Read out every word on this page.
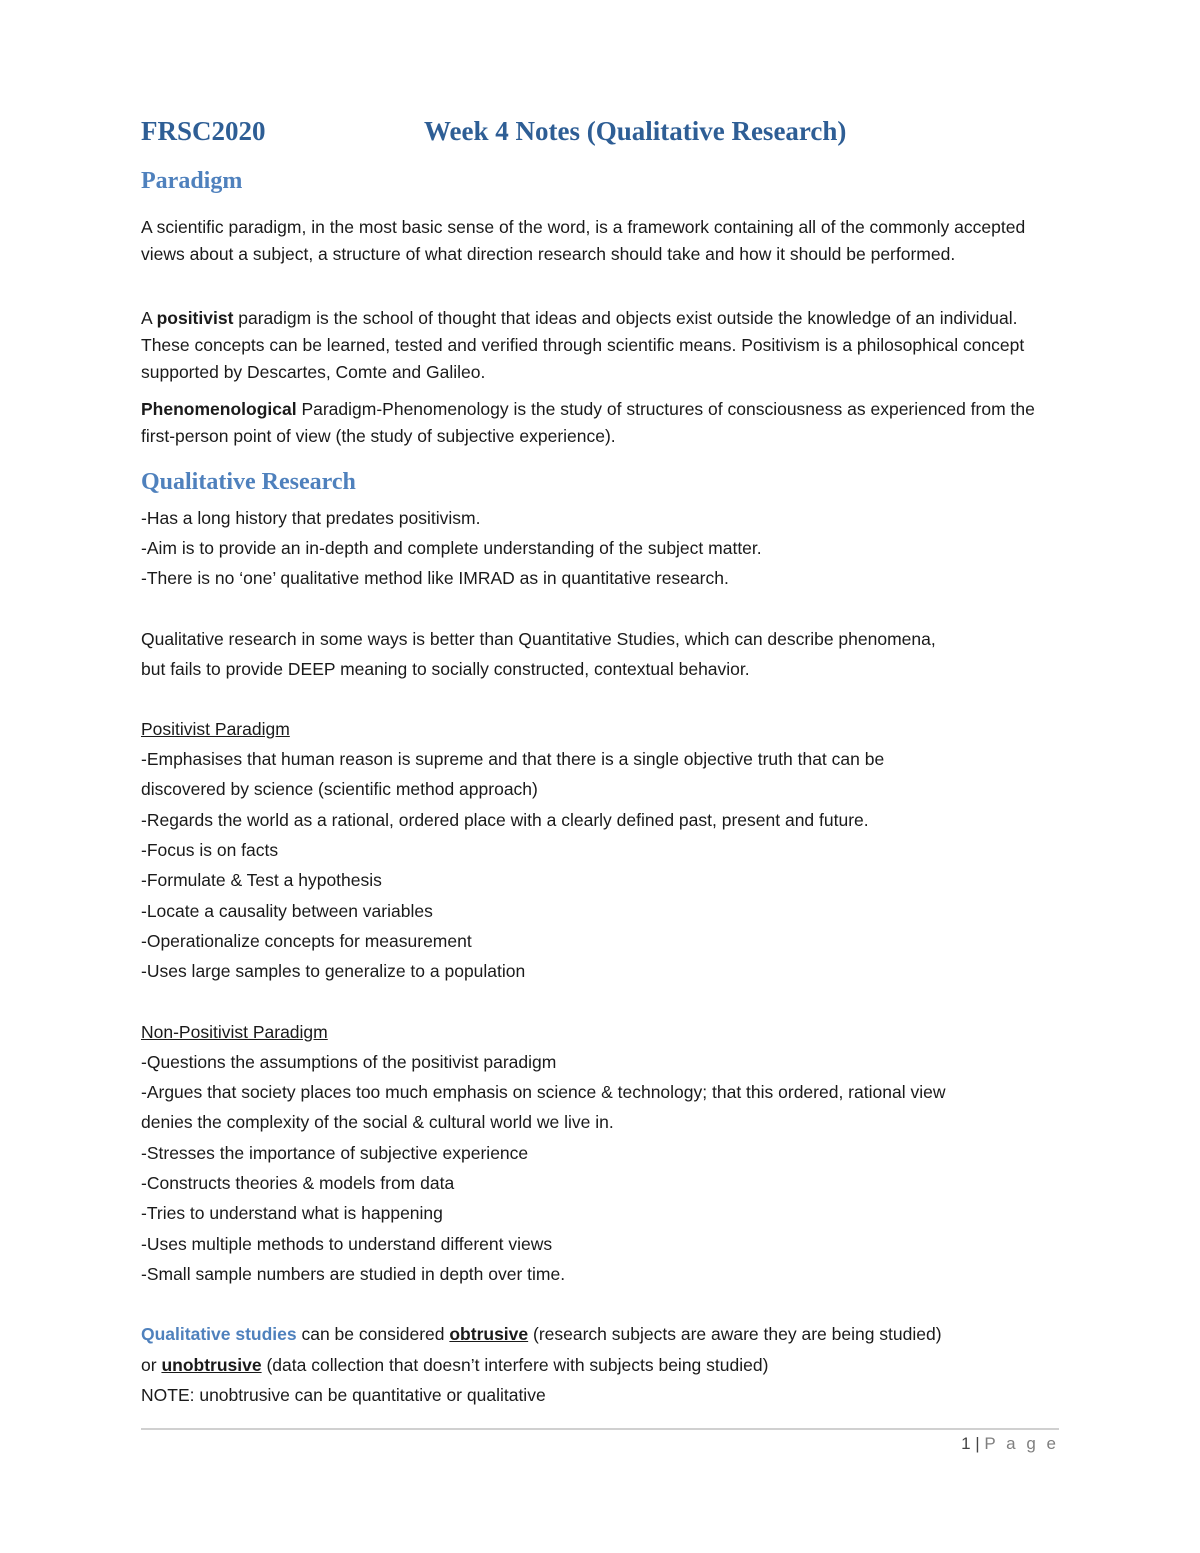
FRSC2020	Week 4 Notes (Qualitative Research)
Paradigm

A scientific paradigm, in the most basic sense of the word, is a framework containing all of the commonly accepted views about a subject, a structure of what direction research should take and how it should be performed.

A positivist paradigm is the school of thought that ideas and objects exist outside the knowledge of an individual. These concepts can be learned, tested and verified through scientific means. Positivism is a philosophical concept supported by Descartes, Comte and Galileo.

Phenomenological Paradigm-Phenomenology is the study of structures of consciousness as experienced from the first-person point of view (the study of subjective experience).

Qualitative Research
-Has a long history that predates positivism.
-Aim is to provide an in-depth and complete understanding of the subject matter.
-There is no ‘one’ qualitative method like IMRAD as in quantitative research.
Qualitative research in some ways is better than Quantitative Studies, which can describe phenomena,
but fails to provide DEEP meaning to socially constructed, contextual behavior.
Positivist Paradigm
-Emphasises that human reason is supreme and that there is a single objective truth that can be
discovered by science (scientific method approach)
-Regards the world as a rational, ordered place with a clearly defined past, present and future.
-Focus is on facts
-Formulate & Test a hypothesis
-Locate a causality between variables
-Operationalize concepts for measurement
-Uses large samples to generalize to a population
Non-Positivist Paradigm
-Questions the assumptions of the positivist paradigm
-Argues that society places too much emphasis on science & technology; that this ordered, rational view
denies the complexity of the social & cultural world we live in.
-Stresses the importance of subjective experience
-Constructs theories & models from data
-Tries to understand what is happening
-Uses multiple methods to understand different views
-Small sample numbers are studied in depth over time.
Qualitative studies can be considered obtrusive (research subjects are aware they are being studied)
or unobtrusive (data collection that doesn’t interfere with subjects being studied)
NOTE: unobtrusive can be quantitative or qualitative
1 | P a g e
